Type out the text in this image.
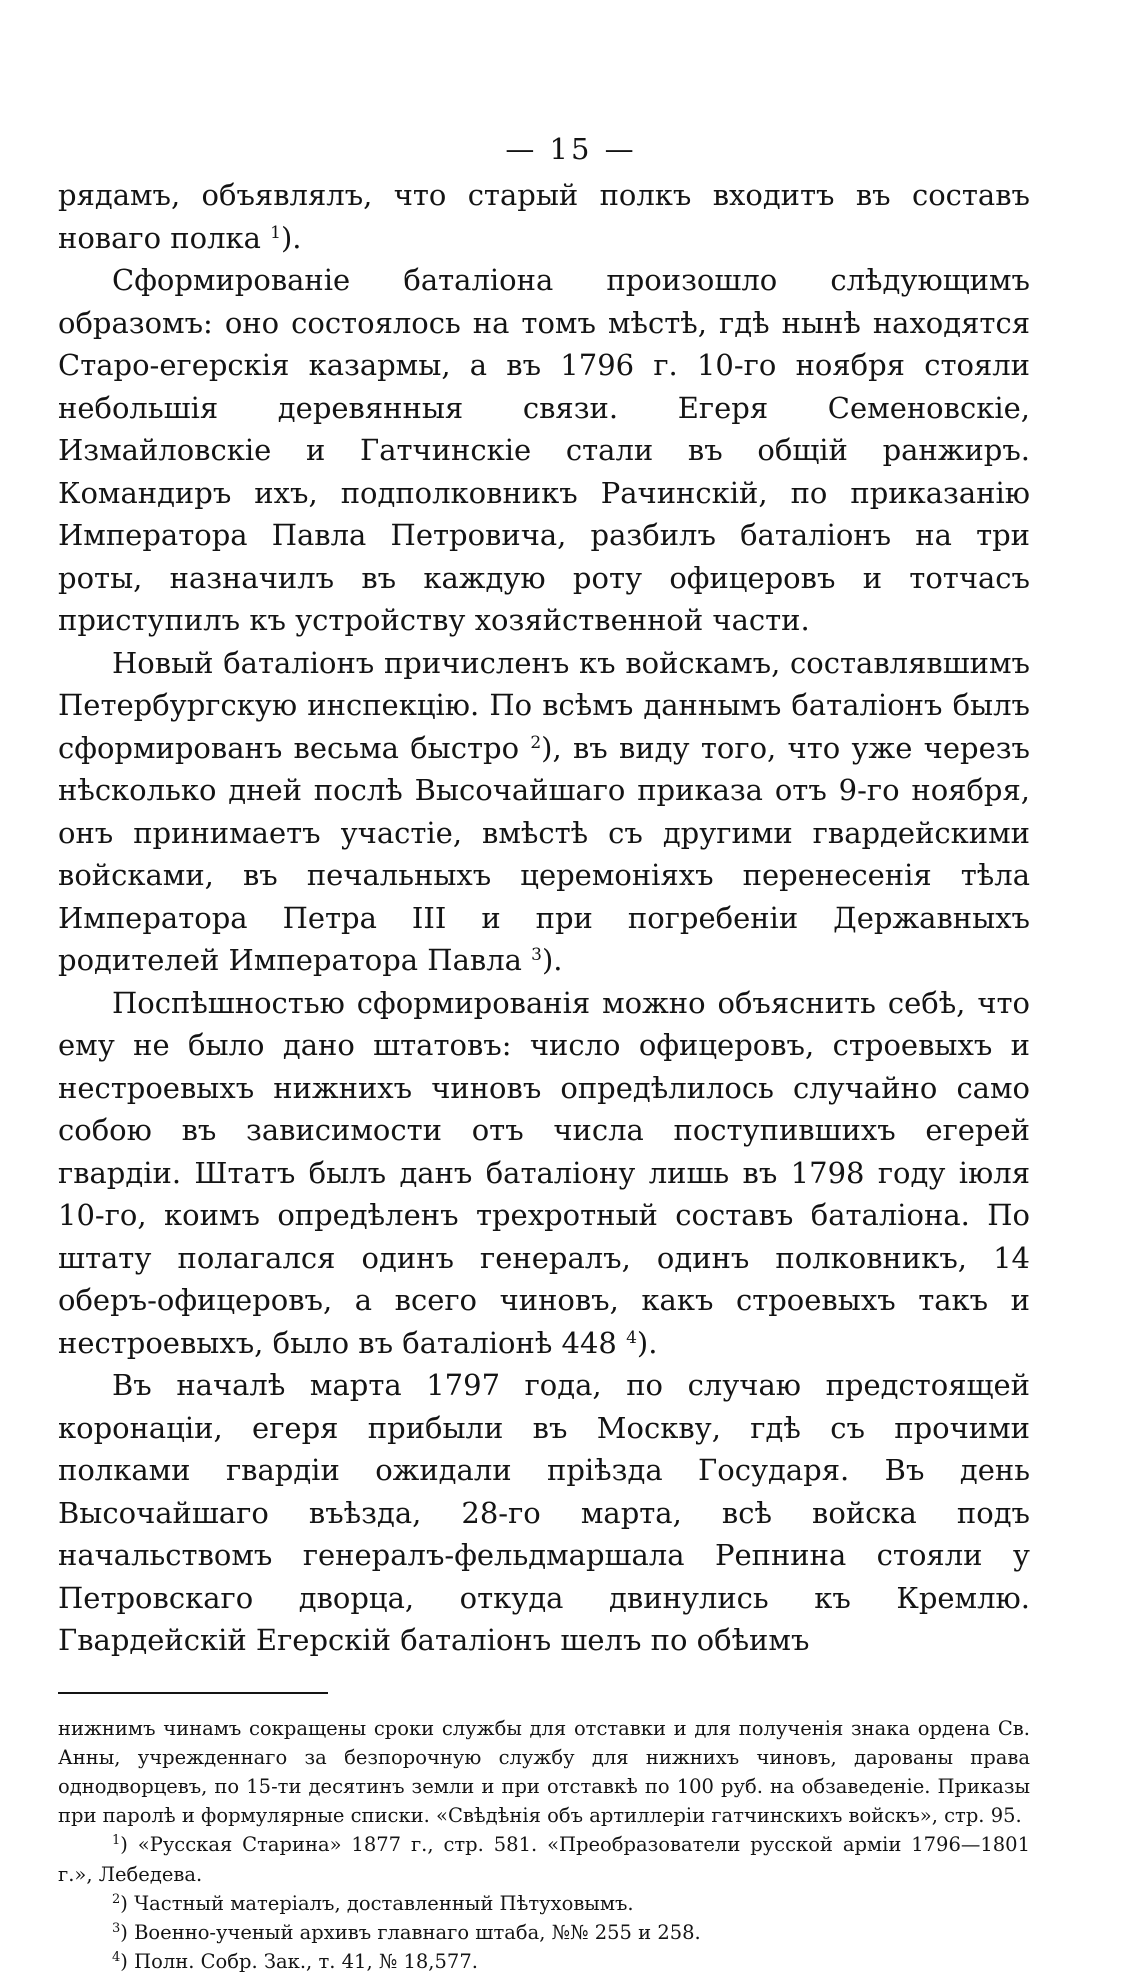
— 15 —

рядамъ, объявлялъ, что старый полкъ входитъ въ составъ новаго полка $^1$).

Сформированіе баталіона произошло слѣдующимъ образомъ: оно состоялось на томъ мѣстѣ, гдѣ нынѣ находятся Старо-егерскія казармы, а въ 1796 г. 10-го ноября стояли небольшія деревянныя связи. Егеря Семеновскіе, Измайловскіе и Гатчинскіе стали въ общій ранжиръ. Командиръ ихъ, подполковникъ Рачинскій, по приказанію Императора Павла Петровича, разбилъ баталіонъ на три роты, назначилъ въ каждую роту офицеровъ и тотчасъ приступилъ къ устройству хозяйственной части.

Новый баталіонъ причисленъ къ войскамъ, составлявшимъ Петербургскую инспекцію. По всѣмъ даннымъ баталіонъ былъ сформированъ весьма быстро $^2$), въ виду того, что уже черезъ нѣсколько дней послѣ Высочайшаго приказа отъ 9-го ноября, онъ принимаетъ участіе, вмѣстѣ съ другими гвардейскими войсками, въ печальныхъ церемоніяхъ перенесенія тѣла Императора Петра III и при погребеніи Державныхъ родителей Императора Павла $^3$).

Поспѣшностью сформированія можно объяснить себѣ, что ему не было дано штатовъ: число офицеровъ, строевыхъ и нестроевыхъ нижнихъ чиновъ опредѣлилось случайно само собою въ зависимости отъ числа поступившихъ егерей гвардіи. Штатъ былъ данъ баталіону лишь въ 1798 году іюля 10-го, коимъ опредѣленъ трехротный составъ баталіона. По штату полагался одинъ генералъ, одинъ полковникъ, 14 оберъ-офицеровъ, а всего чиновъ, какъ строевыхъ такъ и нестроевыхъ, было въ баталіонѣ 448 $^4$).

Въ началѣ марта 1797 года, по случаю предстоящей коронаціи, егеря прибыли въ Москву, гдѣ съ прочими полками гвардіи ожидали пріѣзда Государя. Въ день Высочайшаго въѣзда, 28-го марта, всѣ войска подъ начальствомъ генералъ-фельдмаршала Репнина стояли у Петровскаго дворца, откуда двинулись къ Кремлю. Гвардейскій Егерскій баталіонъ шелъ по обѣимъ

нижнимъ чинамъ сокращены сроки службы для отставки и для полученія знака ордена Св. Анны, учрежденнаго за безпорочную службу для нижнихъ чиновъ, дарованы права однодворцевъ, по 15-ти десятинъ земли и при отставкѣ по 100 руб. на обзаведеніе. Приказы при паролѣ и формулярные списки. «Свѣдѣнія объ артиллеріи гатчинскихъ войскъ», стр. 95.

$^1$) «Русская Старина» 1877 г., стр. 581. «Преобразователи русской арміи 1796—1801 г.», Лебедева.

$^2$) Частный матеріалъ, доставленный Пѣтуховымъ.

$^3$) Военно-ученый архивъ главнаго штаба, №№ 255 и 258.

$^4$) Полн. Собр. Зак., т. 41, № 18,577.
